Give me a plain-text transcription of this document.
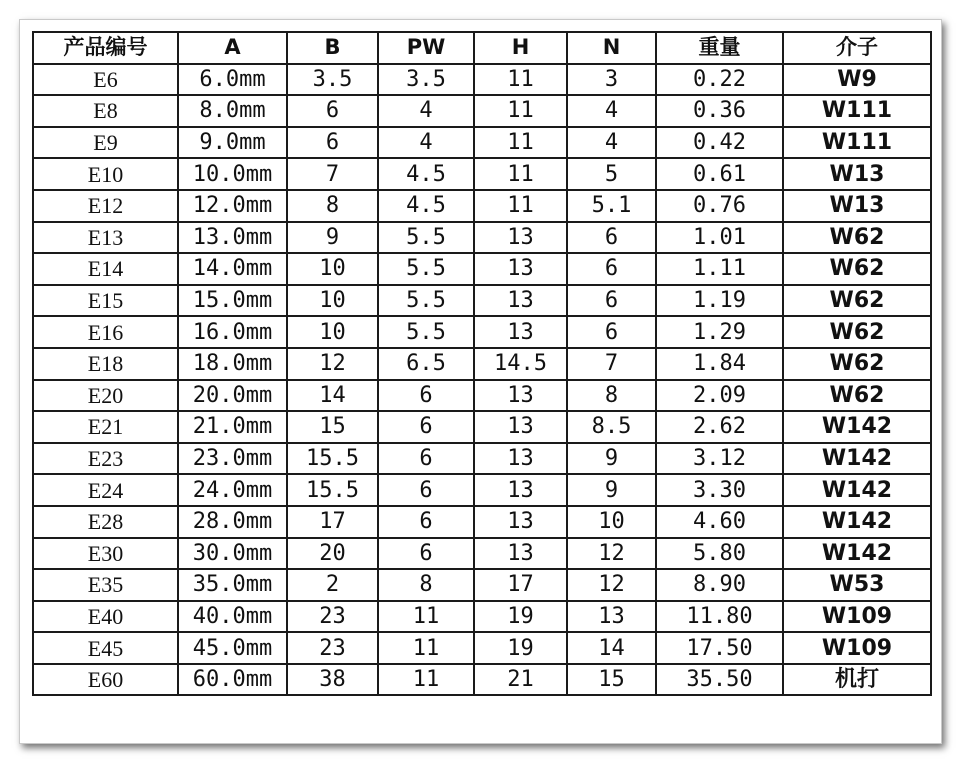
产品编号	A	B	PW	H	N	重量	介子
E6	6.0mm	3.5	3.5	11	3	0.22	W9
E8	8.0mm	6	4	11	4	0.36	W111
E9	9.0mm	6	4	11	4	0.42	W111
E10	10.0mm	7	4.5	11	5	0.61	W13
E12	12.0mm	8	4.5	11	5.1	0.76	W13
E13	13.0mm	9	5.5	13	6	1.01	W62
E14	14.0mm	10	5.5	13	6	1.11	W62
E15	15.0mm	10	5.5	13	6	1.19	W62
E16	16.0mm	10	5.5	13	6	1.29	W62
E18	18.0mm	12	6.5	14.5	7	1.84	W62
E20	20.0mm	14	6	13	8	2.09	W62
E21	21.0mm	15	6	13	8.5	2.62	W142
E23	23.0mm	15.5	6	13	9	3.12	W142
E24	24.0mm	15.5	6	13	9	3.30	W142
E28	28.0mm	17	6	13	10	4.60	W142
E30	30.0mm	20	6	13	12	5.80	W142
E35	35.0mm	2	8	17	12	8.90	W53
E40	40.0mm	23	11	19	13	11.80	W109
E45	45.0mm	23	11	19	14	17.50	W109
E60	60.0mm	38	11	21	15	35.50	机打
